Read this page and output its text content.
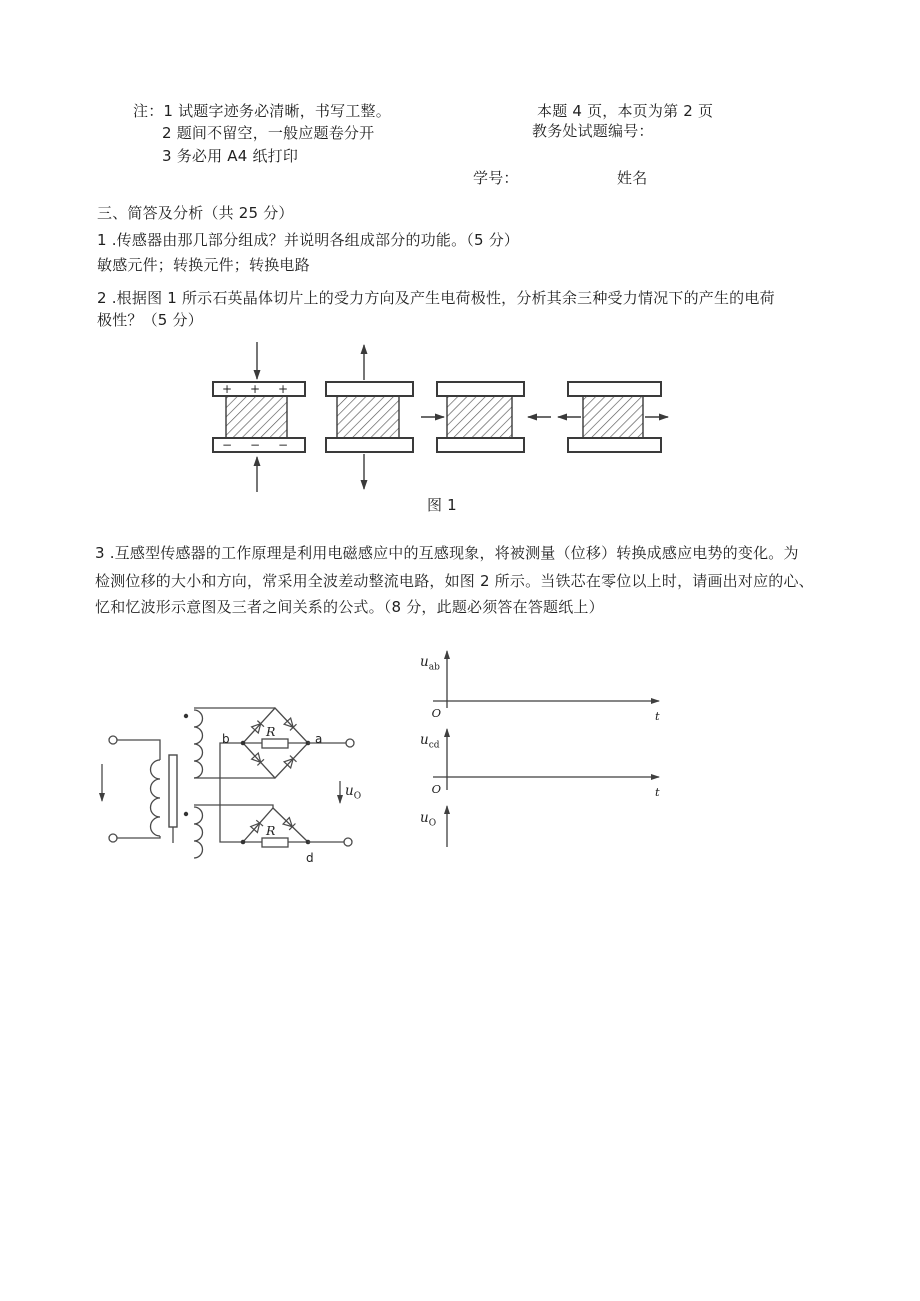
注：1 试题字迹务必清晰，书写工整。
2 题间不留空，一般应题卷分开
3 务必用 A4 纸打印
本题 4 页，本页为第 2 页
教务处试题编号：
学号：	姓名
三、简答及分析（共 25 分）
1 .传感器由那几部分组成？并说明各组成部分的功能。（5 分）
敏感元件；转换元件；转换电路
2 .根据图 1 所示石英晶体切片上的受力方向及产生电荷极性，分析其余三种受力情况下的产生的电荷
极性？（5 分）
3 .互感型传感器的工作原理是利用电磁感应中的互感现象，将被测量（位移）转换成感应电势的变化。为
检测位移的大小和方向，常采用全波差动整流电路，如图 2 所示。当铁芯在零位以上时，请画出对应的心、
忆和忆波形示意图及三者之间关系的公式。（8 分，此题必须答在答题纸上）
+ + +
− − −
图 1
b	a
d
R
R
$u_O$
$u_{ab}$
O	t
$u_{cd}$
O	t
$u_O$
